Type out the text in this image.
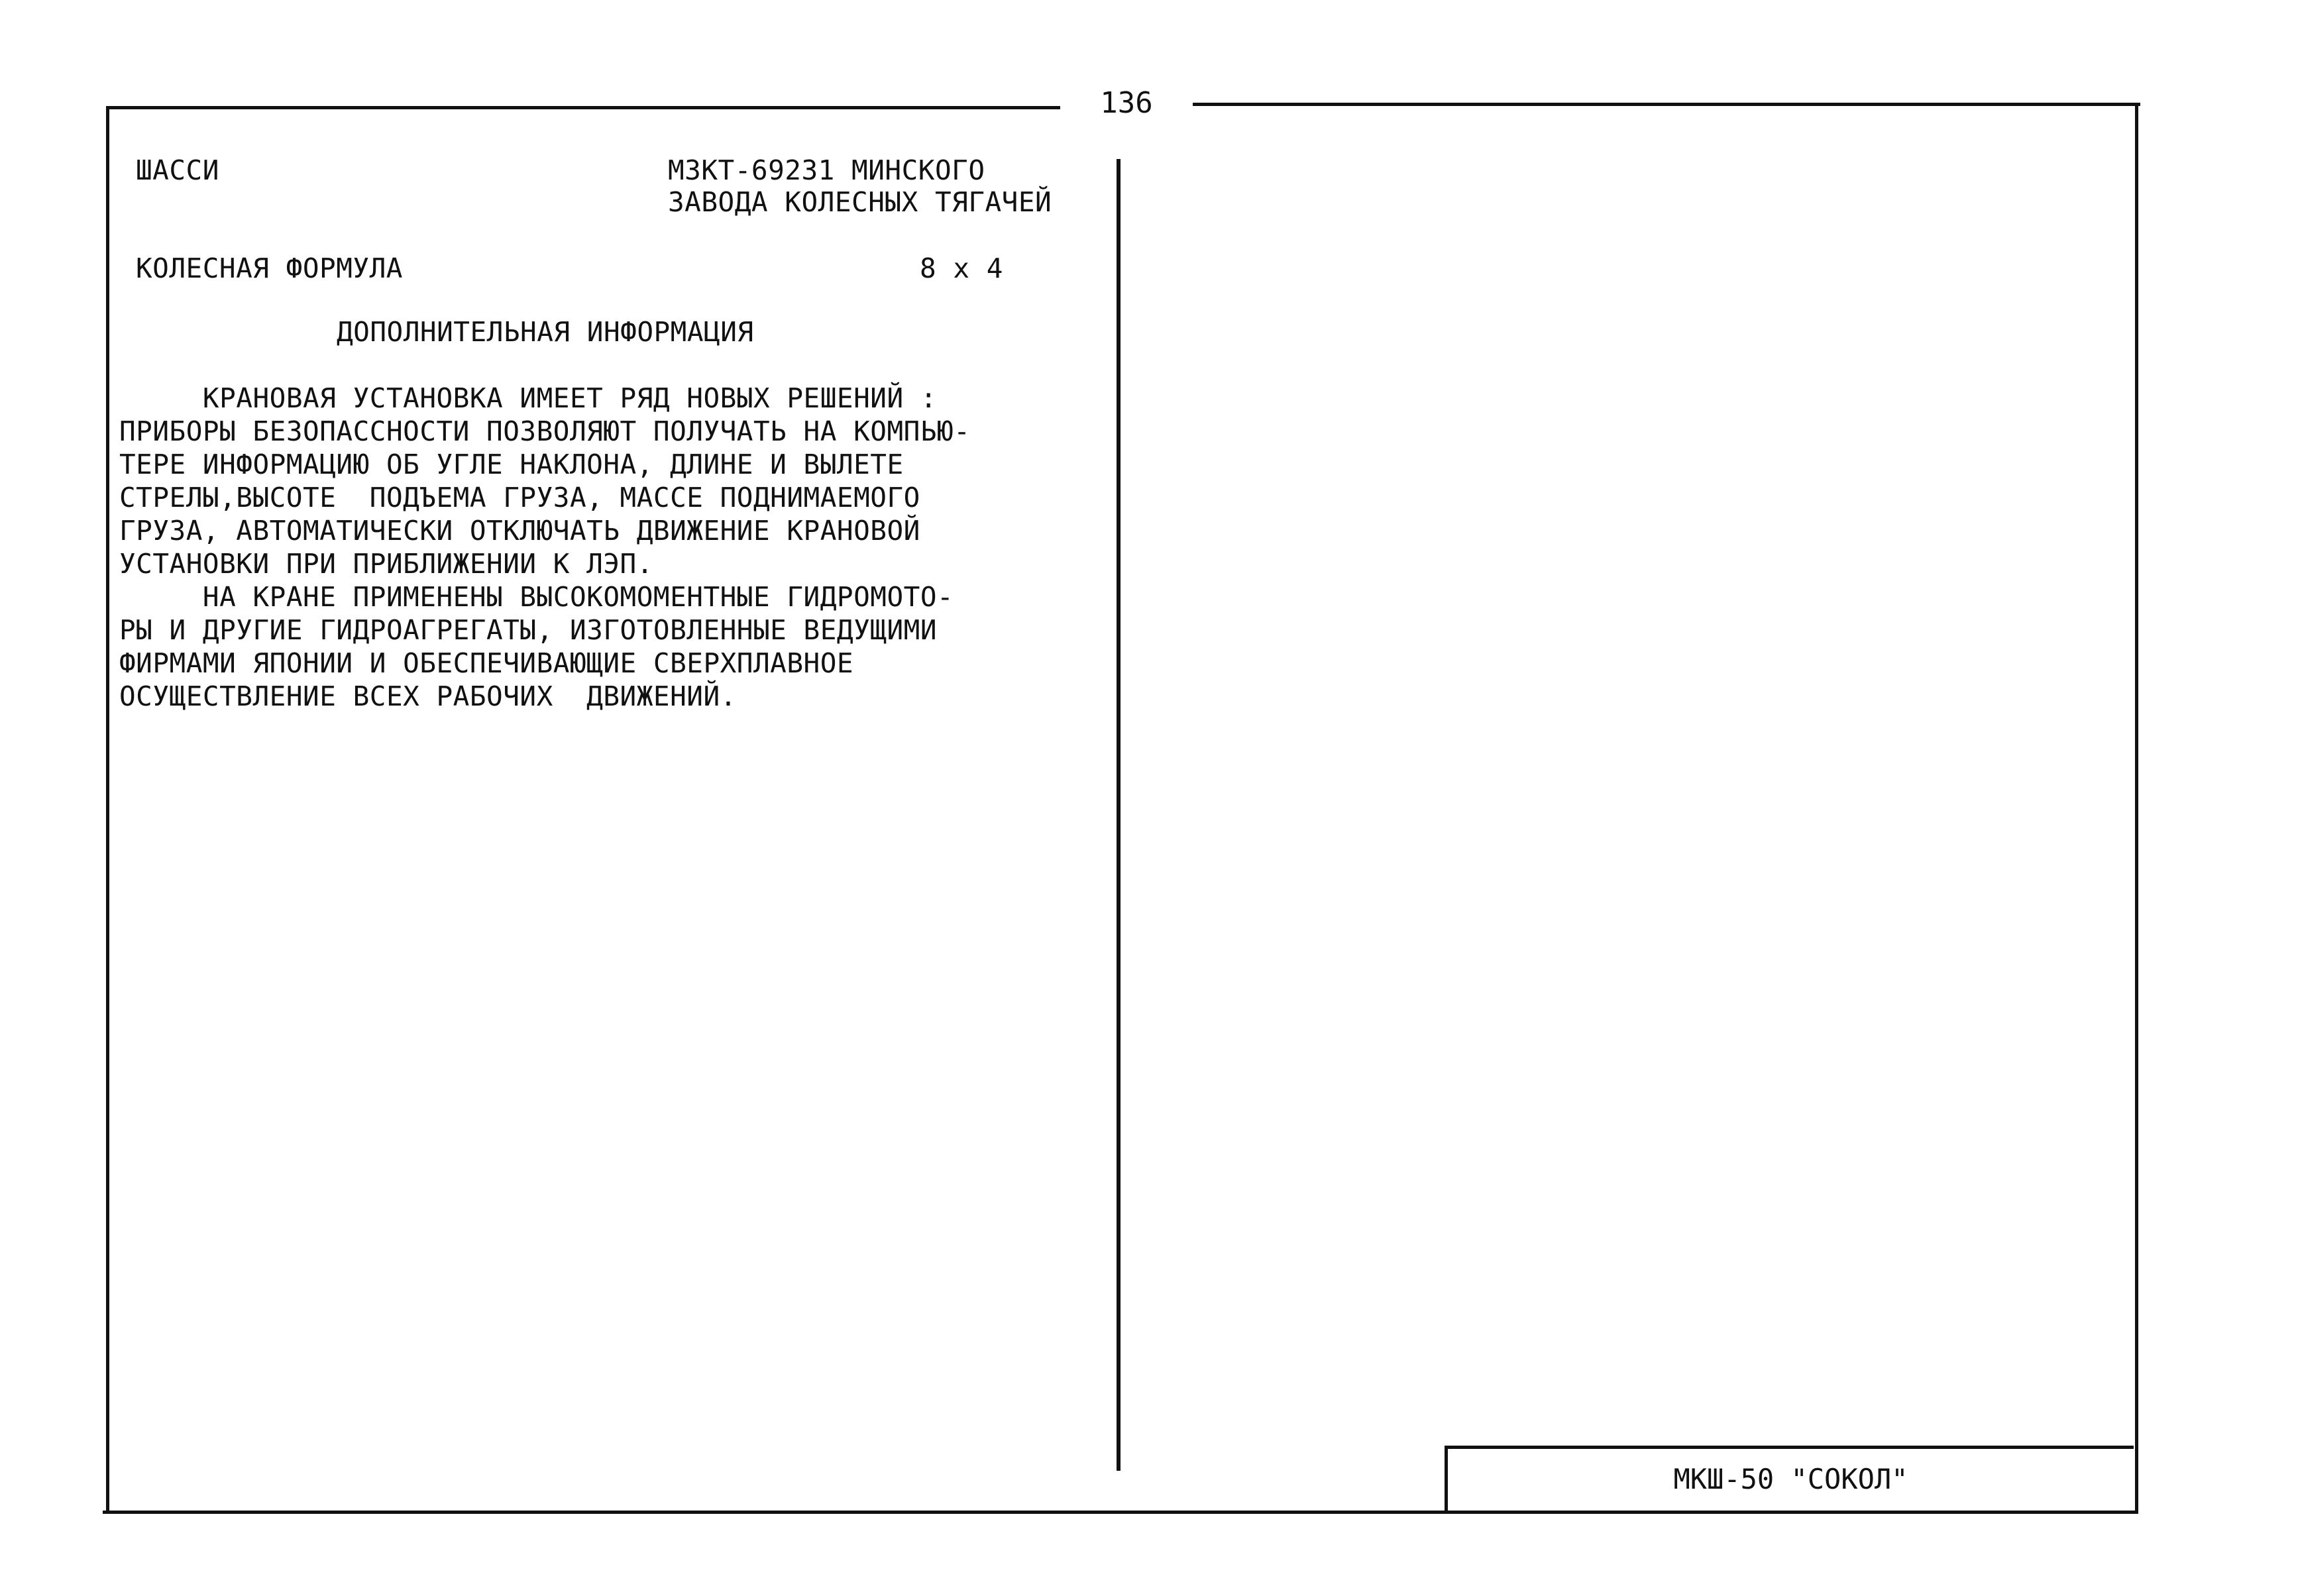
136
ШАССИ	МЗКТ-69231 МИНСКОГО
ЗАВОДА КОЛЕСНЫХ ТЯГАЧЕЙ
КОЛЕСНАЯ ФОРМУЛА	8 х 4
ДОПОЛНИТЕЛЬНАЯ ИНФОРМАЦИЯ
КРАНОВАЯ УСТАНОВКА ИМЕЕТ РЯД НОВЫХ РЕШЕНИЙ :
ПРИБОРЫ БЕЗОПАССНОСТИ ПОЗВОЛЯЮТ ПОЛУЧАТЬ НА КОМПЬЮ-
ТЕРЕ ИНФОРМАЦИЮ ОБ УГЛЕ НАКЛОНА, ДЛИНЕ И ВЫЛЕТЕ
СТРЕЛЫ,ВЫСОТЕ  ПОДЪЕМА ГРУЗА, МАССЕ ПОДНИМАЕМОГО
ГРУЗА, АВТОМАТИЧЕСКИ ОТКЛЮЧАТЬ ДВИЖЕНИЕ КРАНОВОЙ
УСТАНОВКИ ПРИ ПРИБЛИЖЕНИИ К ЛЭП.
НА КРАНЕ ПРИМЕНЕНЫ ВЫСОКОМОМЕНТНЫЕ ГИДРОМОТО-
РЫ И ДРУГИЕ ГИДРОАГРЕГАТЫ, ИЗГОТОВЛЕННЫЕ ВЕДУЩИМИ
ФИРМАМИ ЯПОНИИ И ОБЕСПЕЧИВАЮЩИЕ СВЕРХПЛАВНОЕ
ОСУЩЕСТВЛЕНИЕ ВСЕХ РАБОЧИХ  ДВИЖЕНИЙ.
МКШ-50 "СОКОЛ"
